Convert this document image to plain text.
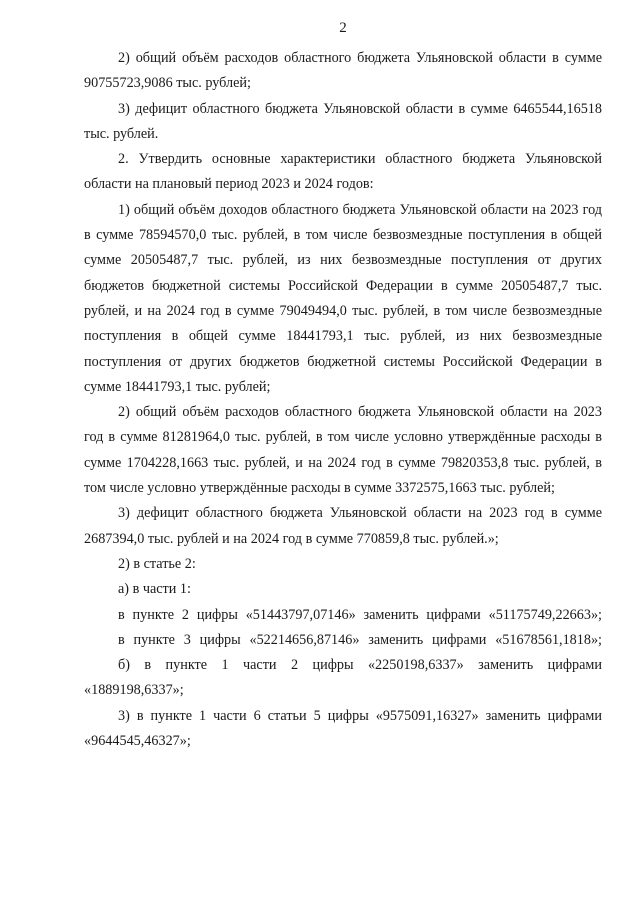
2

2) общий объём расходов областного бюджета Ульяновской области в сумме 90755723,9086 тыс. рублей;

3) дефицит областного бюджета Ульяновской области в сумме 6465544,16518 тыс. рублей.

2. Утвердить основные характеристики областного бюджета Ульяновской области на плановый период 2023 и 2024 годов:

1) общий объём доходов областного бюджета Ульяновской области на 2023 год в сумме 78594570,0 тыс. рублей, в том числе безвозмездные поступления в общей сумме 20505487,7 тыс. рублей, из них безвозмездные поступления от других бюджетов бюджетной системы Российской Федерации в сумме 20505487,7 тыс. рублей, и на 2024 год в сумме 79049494,0 тыс. рублей, в том числе безвозмездные поступления в общей сумме 18441793,1 тыс. рублей, из них безвозмездные поступления от других бюджетов бюджетной системы Российской Федерации в сумме 18441793,1 тыс. рублей;

2) общий объём расходов областного бюджета Ульяновской области на 2023 год в сумме 81281964,0 тыс. рублей, в том числе условно утверждённые расходы в сумме 1704228,1663 тыс. рублей, и на 2024 год в сумме 79820353,8 тыс. рублей, в том числе условно утверждённые расходы в сумме 3372575,1663 тыс. рублей;

3) дефицит областного бюджета Ульяновской области на 2023 год в сумме 2687394,0 тыс. рублей и на 2024 год в сумме 770859,8 тыс. рублей.»;

2) в статье 2:

а) в части 1:

в пункте 2 цифры «51443797,07146» заменить цифрами «51175749,22663»;

в пункте 3 цифры «52214656,87146» заменить цифрами «51678561,1818»;

б) в пункте 1 части 2 цифры «2250198,6337» заменить цифрами «1889198,6337»;

3) в пункте 1 части 6 статьи 5 цифры «9575091,16327» заменить цифрами «9644545,46327»;
